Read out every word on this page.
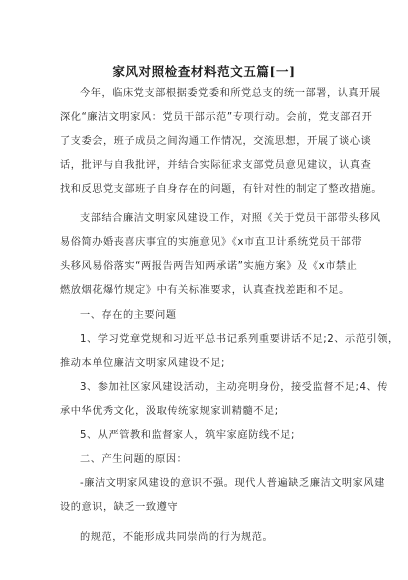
家风对照检查材料范文五篇[一]
今年，临床党支部根据委党委和所党总支的统一部署，认真开展
深化“廉洁文明家风：党员干部示范”专项行动。会前，党支部召开
了支委会，班子成员之间沟通工作情况，交流思想，开展了谈心谈
话，批评与自我批评，并结合实际征求支部党员意见建议，认真查
找和反思党支部班子自身存在的问题，有针对性的制定了整改措施。
支部结合廉洁文明家风建设工作，对照《关于党员干部带头移风
易俗简办婚丧喜庆事宜的实施意见》《x市直卫计系统党员干部带
头移风易俗落实“两报告两告知两承诺”实施方案》及《x市禁止
燃放烟花爆竹规定》中有关标准要求，认真查找差距和不足。
一、存在的主要问题
1、学习党章党规和习近平总书记系列重要讲话不足;2、示范引领，
推动本单位廉洁文明家风建设不足;
3、参加社区家风建设活动，主动亮明身份，接受监督不足;4、传
承中华优秀文化，汲取传统家规家训精髓不足;
5、从严管教和监督家人，筑牢家庭防线不足;
二、产生问题的原因：
-廉洁文明家风建设的意识不强。现代人普遍缺乏廉洁文明家风建
设的意识，缺乏一致遵守
的规范，不能形成共同崇尚的行为规范。
